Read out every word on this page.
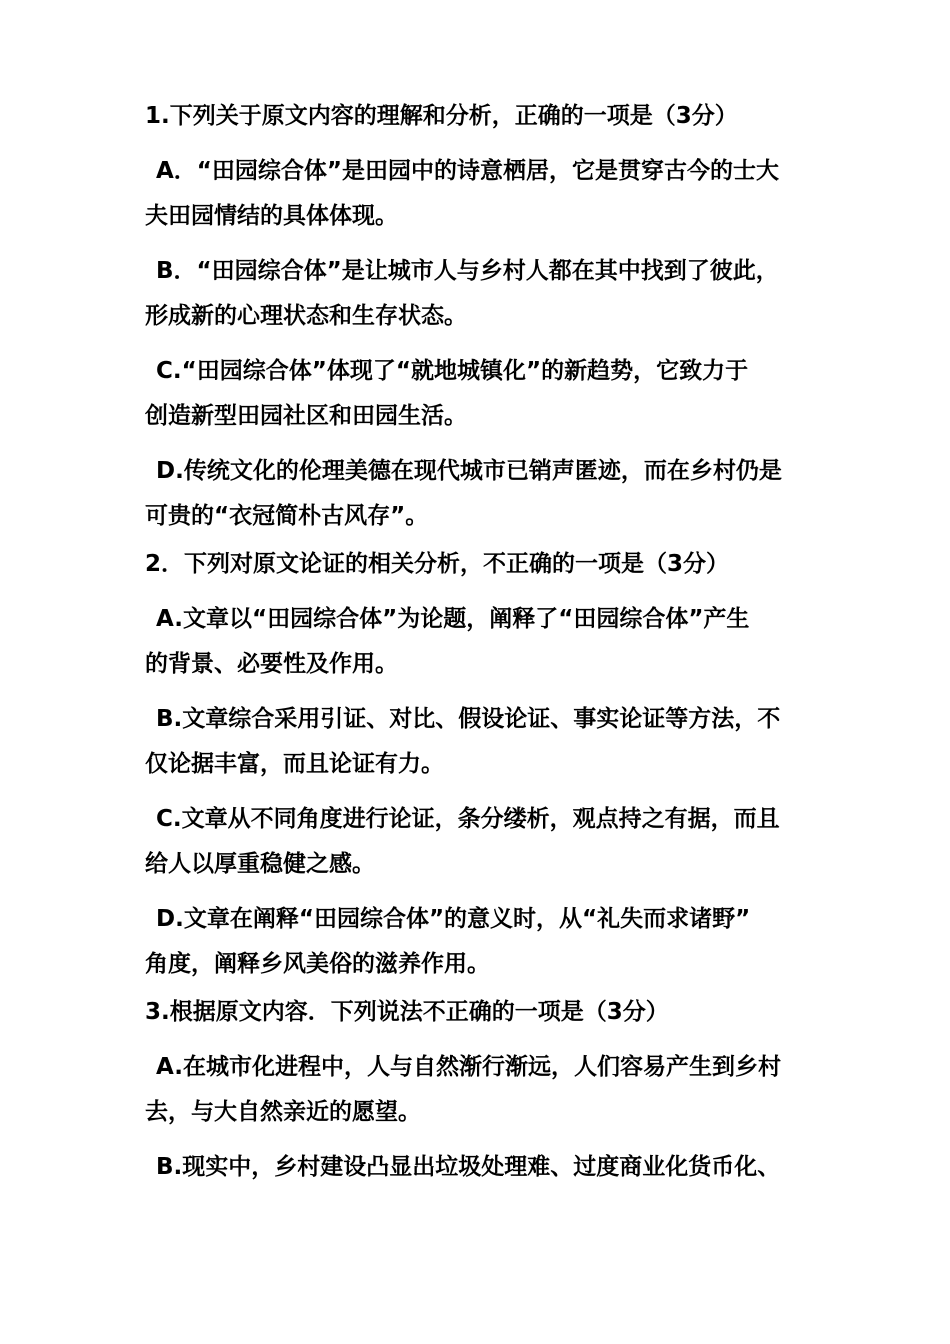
1.下列关于原文内容的理解和分析，正确的一项是（3分）
A．“田园综合体”是田园中的诗意栖居，它是贯穿古今的士大
夫田园情结的具体体现。
B．“田园综合体”是让城市人与乡村人都在其中找到了彼此，
形成新的心理状态和生存状态。
C.“田园综合体”体现了“就地城镇化”的新趋势，它致力于
创造新型田园社区和田园生活。
D.传统文化的伦理美德在现代城市已销声匿迹，而在乡村仍是
可贵的“衣冠简朴古风存”。
2．下列对原文论证的相关分析，不正确的一项是（3分）
A.文章以“田园综合体”为论题，阐释了“田园综合体”产生
的背景、必要性及作用。
B.文章综合采用引证、对比、假设论证、事实论证等方法，不
仅论据丰富，而且论证有力。
C.文章从不同角度进行论证，条分缕析，观点持之有据，而且
给人以厚重稳健之感。
D.文章在阐释“田园综合体”的意义时，从“礼失而求诸野”
角度，阐释乡风美俗的滋养作用。
3.根据原文内容．下列说法不正确的一项是（3分）
A.在城市化进程中，人与自然渐行渐远，人们容易产生到乡村
去，与大自然亲近的愿望。
B.现实中，乡村建设凸显出垃圾处理难、过度商业化货币化、
